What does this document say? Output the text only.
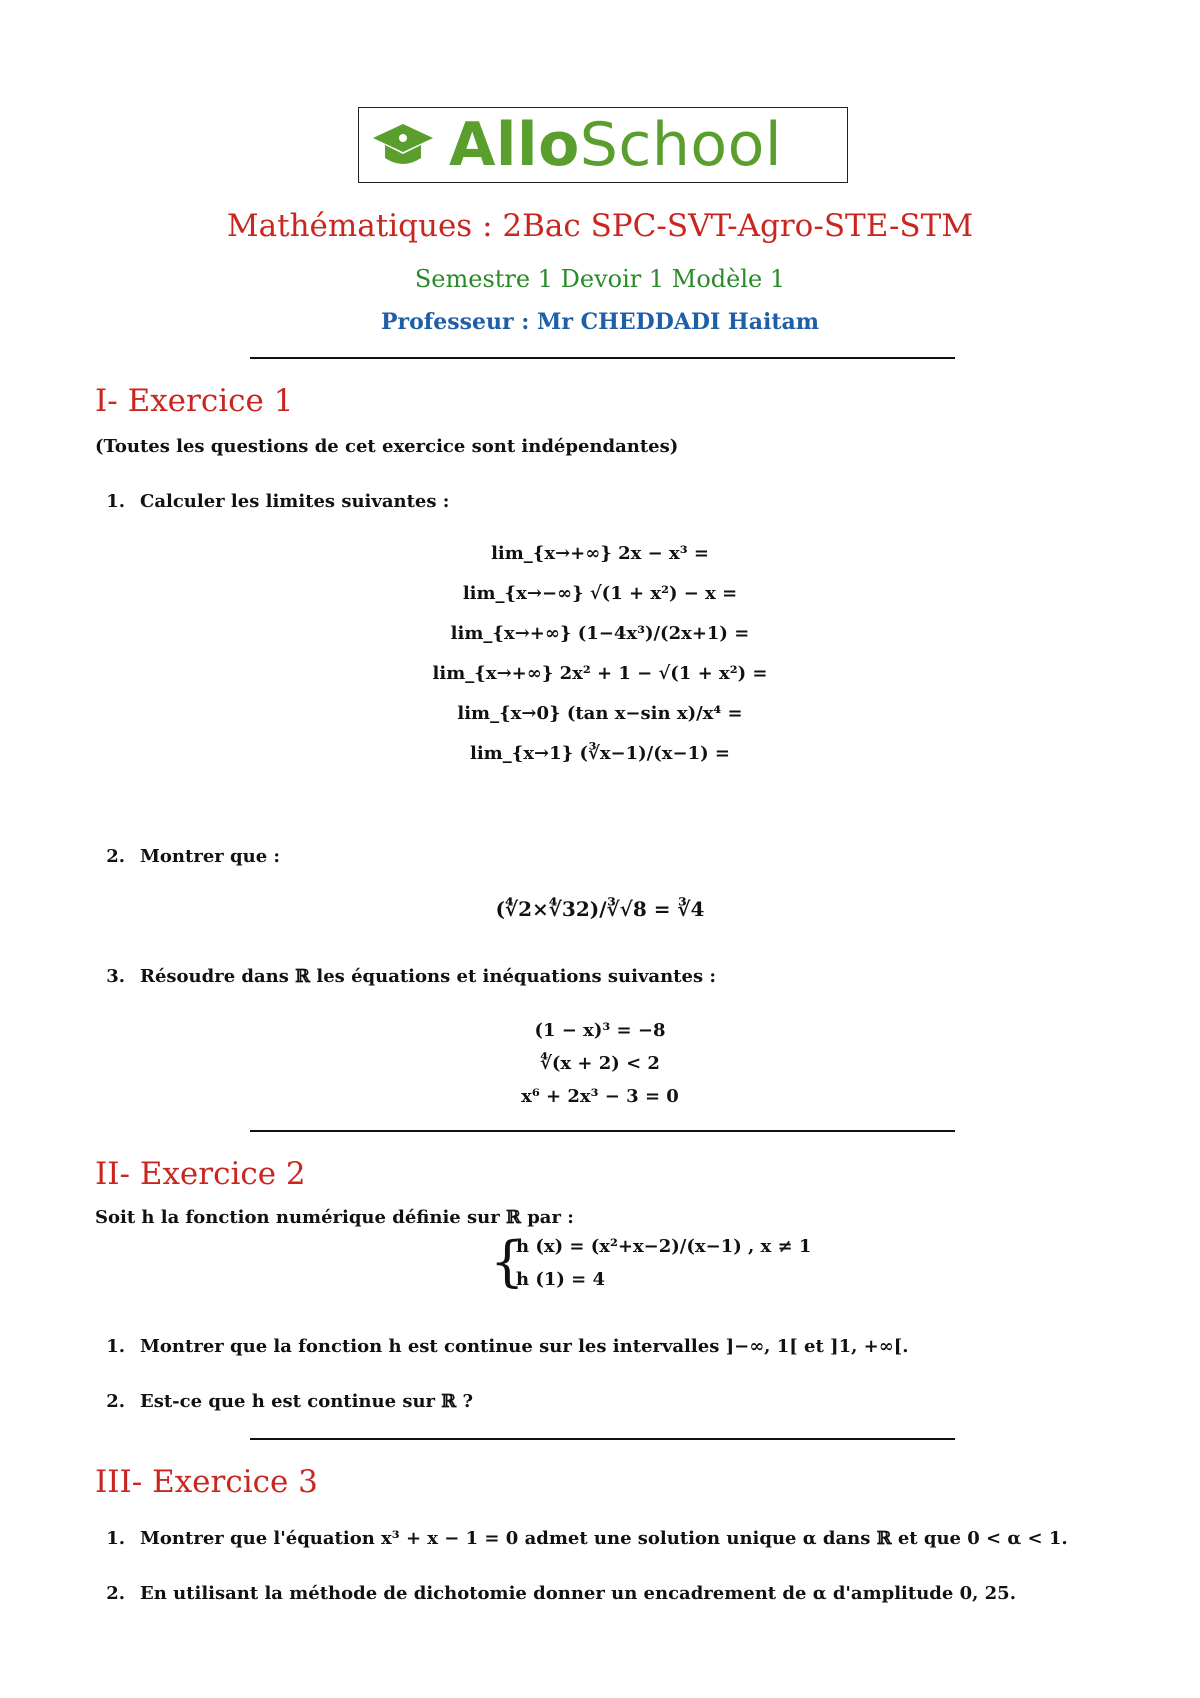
AlloSchool
Mathématiques : 2Bac SPC-SVT-Agro-STE-STM
Semestre 1 Devoir 1 Modèle 1
Professeur : Mr CHEDDADI Haitam
I- Exercice 1
(Toutes les questions de cet exercice sont indépendantes)
1. Calculer les limites suivantes :
lim_{x→+∞} 2x − x³ =
lim_{x→−∞} √(1 + x²) − x =
lim_{x→+∞} (1−4x³)/(2x+1) =
lim_{x→+∞} 2x² + 1 − √(1 + x²) =
lim_{x→0} (tan x−sin x)/x⁴ =
lim_{x→1} (∛x−1)/(x−1) =
2. Montrer que :
(∜2×∜32)/∛√8 = ∛4
3. Résoudre dans ℝ les équations et inéquations suivantes :
(1 − x)³ = −8
∜(x + 2) < 2
x⁶ + 2x³ − 3 = 0
II- Exercice 2
Soit h la fonction numérique définie sur ℝ par :
{
h (x) = (x²+x−2)/(x−1) , x ≠ 1
h (1) = 4
1. Montrer que la fonction h est continue sur les intervalles ]−∞, 1[ et ]1, +∞[.
2. Est-ce que h est continue sur ℝ ?
III- Exercice 3
1. Montrer que l'équation x³ + x − 1 = 0 admet une solution unique α dans ℝ et que 0 < α < 1.
2. En utilisant la méthode de dichotomie donner un encadrement de α d'amplitude 0, 25.
